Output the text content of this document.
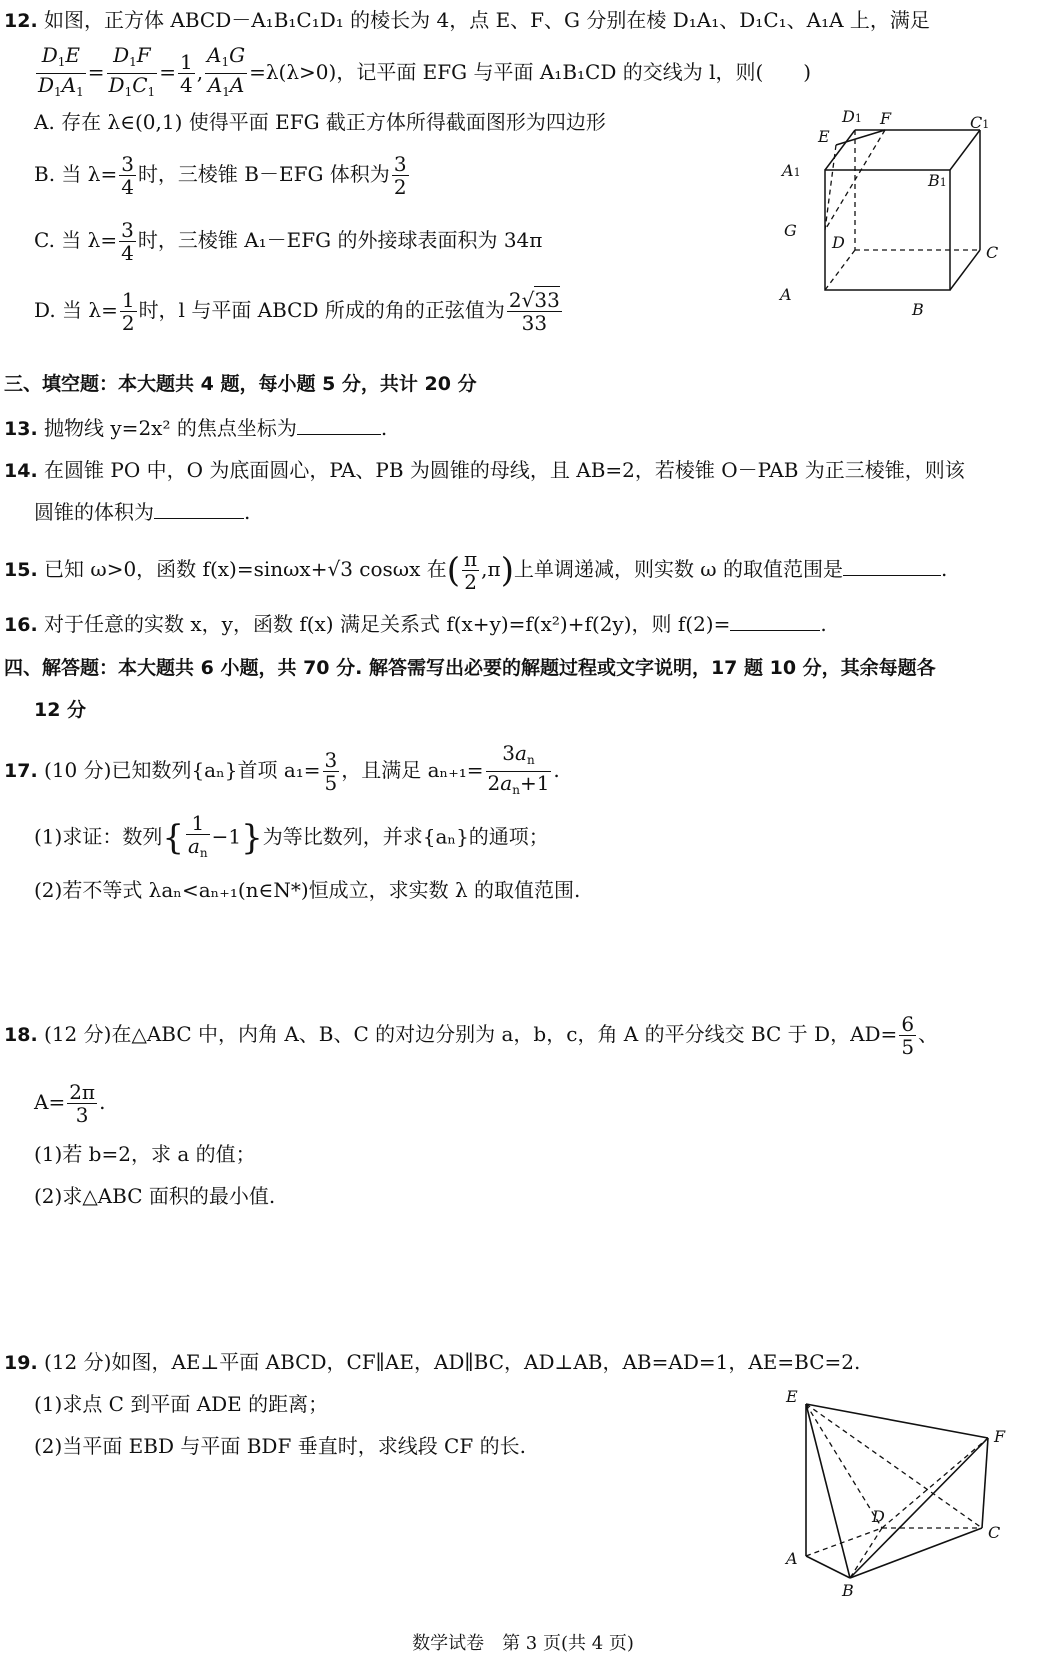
12. 如图，正方体 ABCD－A₁B₁C₁D₁ 的棱长为 4，点 E、F、G 分别在棱 D₁A₁、D₁C₁、A₁A 上，满足
$\frac{D_1E}{D_1A_1} = \frac{D_1F}{D_1C_1} = \frac{1}{4}$ , $\frac{A_1G}{A_1A} =\lambda(\lambda>0)$，记平面 EFG 与平面 A₁B₁CD 的交线为 l，则(　　)
A. 存在 λ∈(0,1) 使得平面 EFG 截正方体所得截面图形为四边形
B. 当 $\lambda= \frac{3}{4}$ 时，三棱锥 B－EFG 体积为 $\frac{3}{2}$
C. 当 $\lambda= \frac{3}{4}$ 时，三棱锥 A₁－EFG 的外接球表面积为 34π
D. 当 $\lambda= \frac{1}{2}$ 时，l 与平面 ABCD 所成的角的正弦值为 $\frac{2√33}{33}$
D1 F	C1
E
A1	B1
G
D
C
A
B
三、填空题：本大题共 4 题，每小题 5 分，共计 20 分
13. 抛物线 y=2x² 的焦点坐标为	.
14. 在圆锥 PO 中，O 为底面圆心，PA、PB 为圆锥的母线，且 AB=2，若棱锥 O－PAB 为正三棱锥，则该
圆锥的体积为	.
15. 已知 ω>0，函数 f(x)=sinωx+√3 cosωx 在( $\frac{\pi}{2} ,\pi$)上单调递减，则实数 ω 的取值范围是	.
16. 对于任意的实数 x，y，函数 f(x) 满足关系式 f(x+y)=f(x²)+f(2y)，则 f(2)=	.
四、解答题：本大题共 6 小题，共 70 分. 解答需写出必要的解题过程或文字说明，17 题 10 分，其余每题各
12 分
17. (10 分)已知数列{aₙ}首项 $a_1= \frac{3}{5}$ ，且满足 $a_{n+1}= \frac{3a_n}{2a_n+1}$ .
(1)求证：数列{ $\frac{1}{a_n} -1$}为等比数列，并求{aₙ}的通项；
(2)若不等式 λaₙ<aₙ₊₁(n∈N*)恒成立，求实数 λ 的取值范围.
18. (12 分)在△ABC 中，内角 A、B、C 的对边分别为 a，b，c，角 A 的平分线交 BC 于 D，$AD= \frac{6}{5}$ 、
$A= \frac{2\pi}{3}$ .
(1)若 b=2，求 a 的值；
(2)求△ABC 面积的最小值.
19. (12 分)如图，AE⊥平面 ABCD，CF∥AE，AD∥BC，AD⊥AB，AB=AD=1，AE=BC=2.
(1)求点 C 到平面 ADE 的距离；
(2)当平面 EBD 与平面 BDF 垂直时，求线段 CF 的长.
E
F
D
C
A
B
数学试卷　第 3 页(共 4 页)
